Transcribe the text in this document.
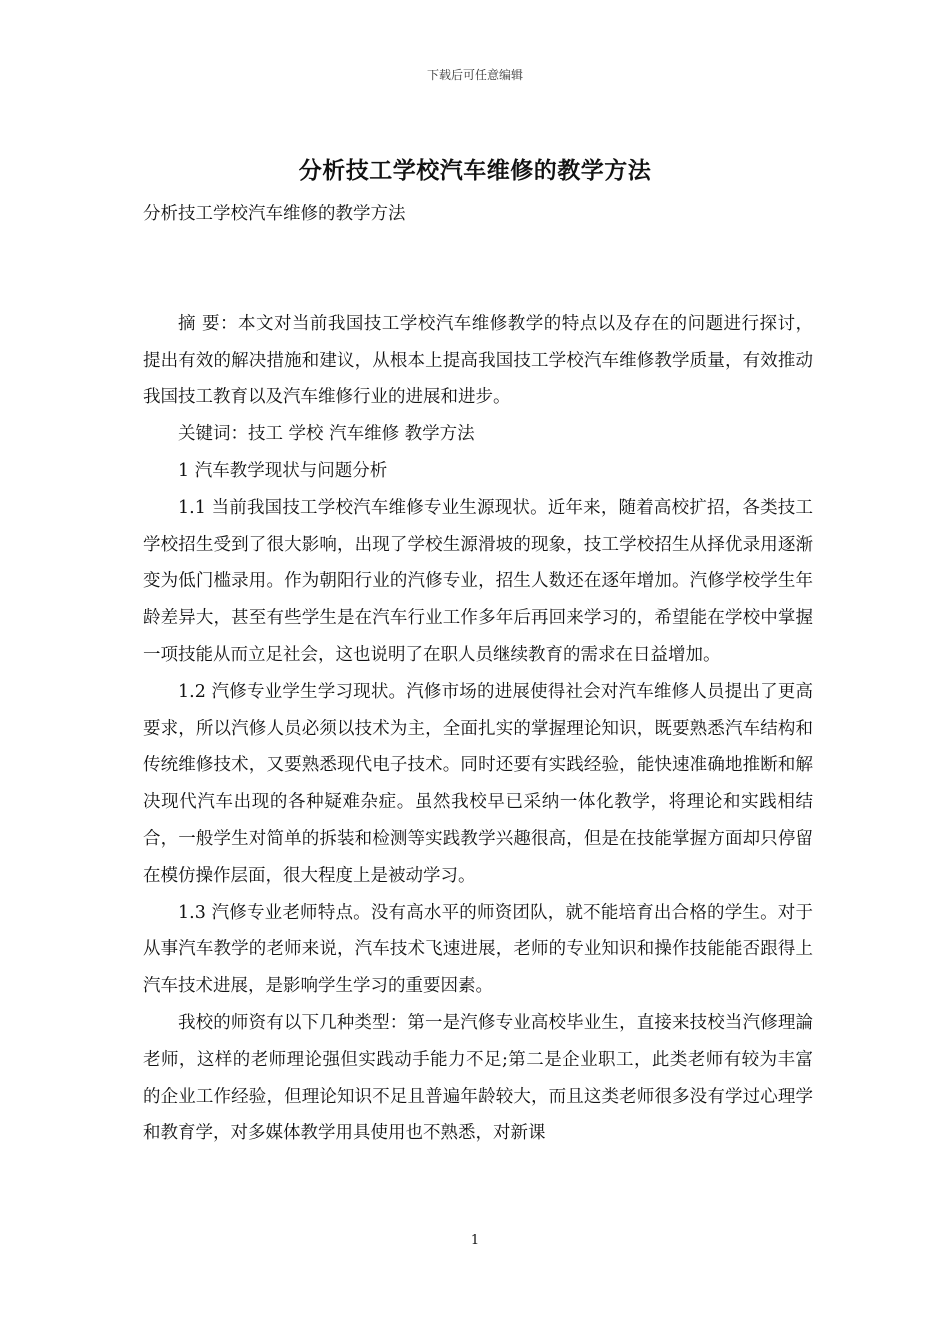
下载后可任意编辑
分析技工学校汽车维修的教学方法

分析技工学校汽车维修的教学方法

摘 要：本文对当前我国技工学校汽车维修教学的特点以及存在的问题进行探讨，提出有效的解决措施和建议，从根本上提高我国技工学校汽车维修教学质量，有效推动我国技工教育以及汽车维修行业的进展和进步。

关键词：技工 学校 汽车维修 教学方法

1 汽车教学现状与问题分析

1.1 当前我国技工学校汽车维修专业生源现状。近年来，随着高校扩招，各类技工学校招生受到了很大影响，出现了学校生源滑坡的现象，技工学校招生从择优录用逐渐变为低门槛录用。作为朝阳行业的汽修专业，招生人数还在逐年增加。汽修学校学生年龄差异大，甚至有些学生是在汽车行业工作多年后再回来学习的，希望能在学校中掌握一项技能从而立足社会，这也说明了在职人员继续教育的需求在日益增加。

1.2 汽修专业学生学习现状。汽修市场的进展使得社会对汽车维修人员提出了更高要求，所以汽修人员必须以技术为主，全面扎实的掌握理论知识，既要熟悉汽车结构和传统维修技术，又要熟悉现代电子技术。同时还要有实践经验，能快速准确地推断和解决现代汽车出现的各种疑难杂症。虽然我校早已采纳一体化教学，将理论和实践相结合，一般学生对简单的拆装和检测等实践教学兴趣很高，但是在技能掌握方面却只停留在模仿操作层面，很大程度上是被动学习。

1.3 汽修专业老师特点。没有高水平的师资团队，就不能培育出合格的学生。对于从事汽车教学的老师来说，汽车技术飞速进展，老师的专业知识和操作技能能否跟得上汽车技术进展，是影响学生学习的重要因素。

我校的师资有以下几种类型：第一是汽修专业高校毕业生，直接来技校当汽修理論老师，这样的老师理论强但实践动手能力不足;第二是企业职工，此类老师有较为丰富的企业工作经验，但理论知识不足且普遍年龄较大，而且这类老师很多没有学过心理学和教育学，对多媒体教学用具使用也不熟悉，对新课

1
